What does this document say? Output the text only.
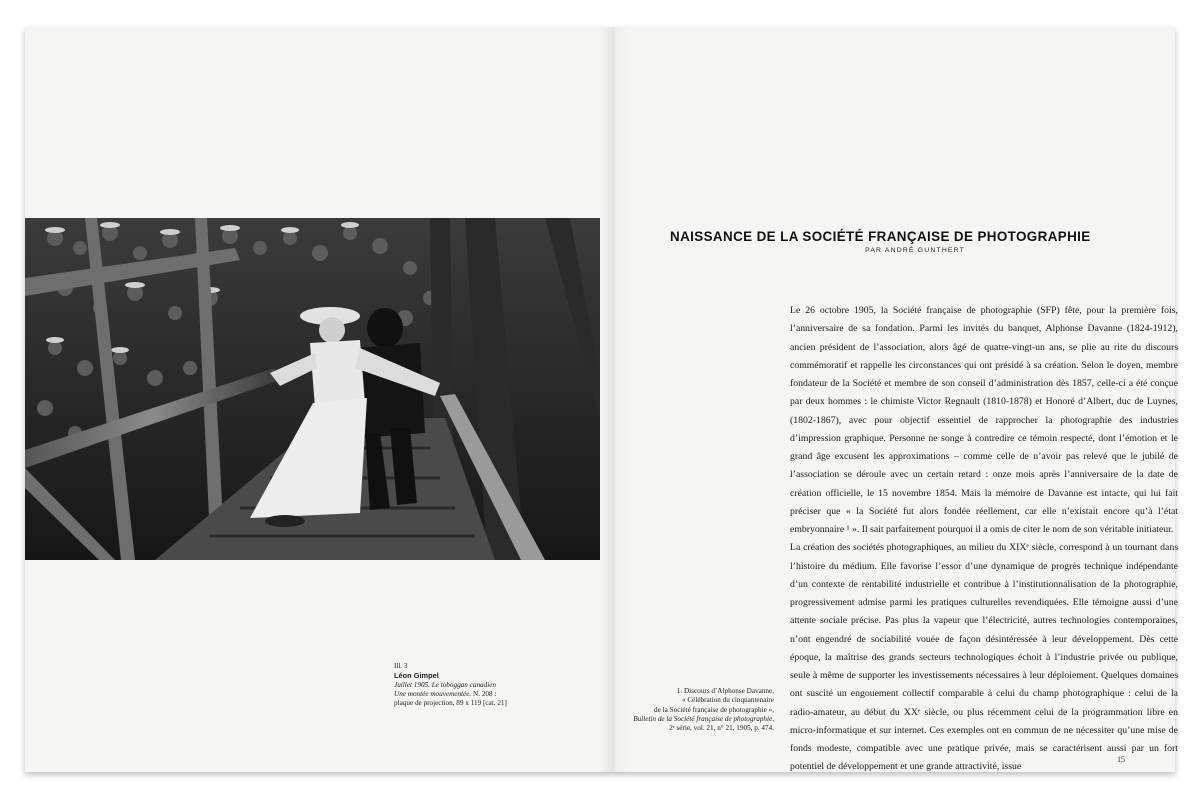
Ill. 3
Léon Gimpel
Juillet 1905. Le toboggan canadien
Une montée mouvementée. N. 208 :
plaque de projection, 89 x 119 [cat. 21]
NAISSANCE DE LA SOCIÉTÉ FRANÇAISE DE PHOTOGRAPHIE
PAR ANDRÉ GUNTHERT

Le 26 octobre 1905, la Société française de photographie (SFP) fête, pour la première fois, l’anniversaire de sa fondation. Parmi les invités du banquet, Alphonse Davanne (1824-1912), ancien président de l’association, alors âgé de quatre-vingt-un ans, se plie au rite du discours commémoratif et rappelle les circonstances qui ont présidé à sa création. Selon le doyen, membre fondateur de la Société et membre de son conseil d’administration dès 1857, celle-ci a été conçue par deux hommes : le chimiste Victor Regnault (1810-1878) et Honoré d’Albert, duc de Luynes, (1802-1867), avec pour objectif essentiel de rapprocher la photographie des industries d’impression graphique. Personne ne songe à contredire ce témoin respecté, dont l’émotion et le grand âge excusent les approximations – comme celle de n’avoir pas relevé que le jubilé de l’association se déroule avec un certain retard : onze mois après l’anniversaire de la date de création officielle, le 15 novembre 1854. Mais la mémoire de Davanne est intacte, qui lui fait préciser que « la Société fut alors fondée réellement, car elle n’existait encore qu’à l’état embryonnaire ¹ ». Il sait parfaitement pourquoi il a omis de citer le nom de son véritable initiateur.

La création des sociétés photographiques, au milieu du XIXᵉ siècle, correspond à un tournant dans l’histoire du médium. Elle favorise l’essor d’une dynamique de progrès technique indépendante d’un contexte de rentabilité industrielle et contribue à l’institutionnalisation de la photographie, progressivement admise parmi les pratiques culturelles revendiquées. Elle témoigne aussi d’une attente sociale précise. Pas plus la vapeur que l’électricité, autres technologies contemporaines, n’ont engendré de sociabilité vouée de façon désintéressée à leur développement. Dès cette époque, la maîtrise des grands secteurs technologiques échoit à l’industrie privée ou publique, seule à même de supporter les investissements nécessaires à leur déploiement. Quelques domaines ont suscité un engouement collectif comparable à celui du champ photographique : celui de la radio-amateur, au début du XXᵉ siècle, ou plus récemment celui de la programmation libre en micro-informatique et sur internet. Ces exemples ont en commun de ne nécessiter qu’une mise de fonds modeste, compatible avec une pratique privée, mais se caractérisent aussi par un fort potentiel de développement et une grande attractivité, issue

1. Discours d’Alphonse Davanne,
« Célébration du cinquantenaire
de la Société française de photographie »,
Bulletin de la Société française de photographie,
2ᵉ série, vol. 21, n° 21, 1905, p. 474.
15
